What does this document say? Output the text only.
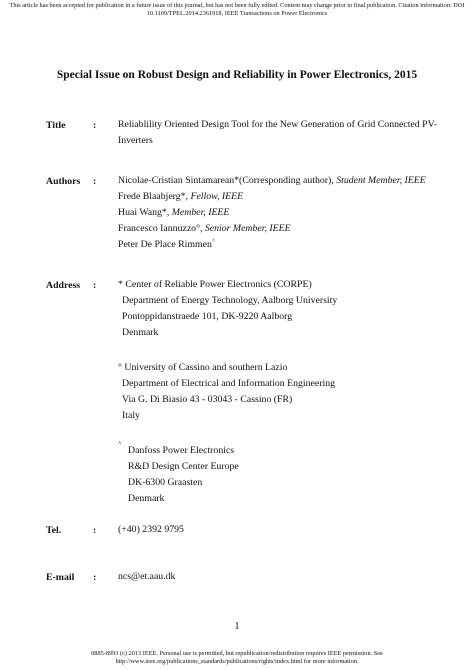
This article has been accepted for publication in a future issue of this journal, but has not been fully edited. Content may change prior to final publication. Citation information: DOI
10.1109/TPEL.2014.2361918, IEEE Transactions on Power Electronics
Special Issue on Robust Design and Reliability in Power Electronics, 2015
Title	: Reliablility Oriented Design Tool for the New Generation of Grid Connected PV-
Inverters
Authors : Nicolae-Cristian Sintamarean*(Corresponding author), Student Member, IEEE
Frede Blaabjerg*, Fellow, IEEE
Huai Wang*, Member, IEEE
Francesco Iannuzzo°, Senior Member, IEEE
Peter De Place Rimmen^
Address : * Center of Reliable Power Electronics (CORPE)
Department of Energy Technology, Aalborg University
Pontoppidanstraede 101, DK-9220 Aalborg
Denmark
° University of Cassino and southern Lazio
Department of Electrical and Information Engineering
Via G. Di Biasio 43 - 03043 - Cassino (FR)
Italy
^
Danfoss Power Electronics
R&D Design Center Europe
DK-6300 Graasten
Denmark
Tel.	: (+40) 2392 9795
E-mail : ncs@et.aau.dk
1
0885-8993 (c) 2013 IEEE. Personal use is permitted, but republication/redistribution requires IEEE permission. See
http://www.ieee.org/publications_standards/publications/rights/index.html for more information.
